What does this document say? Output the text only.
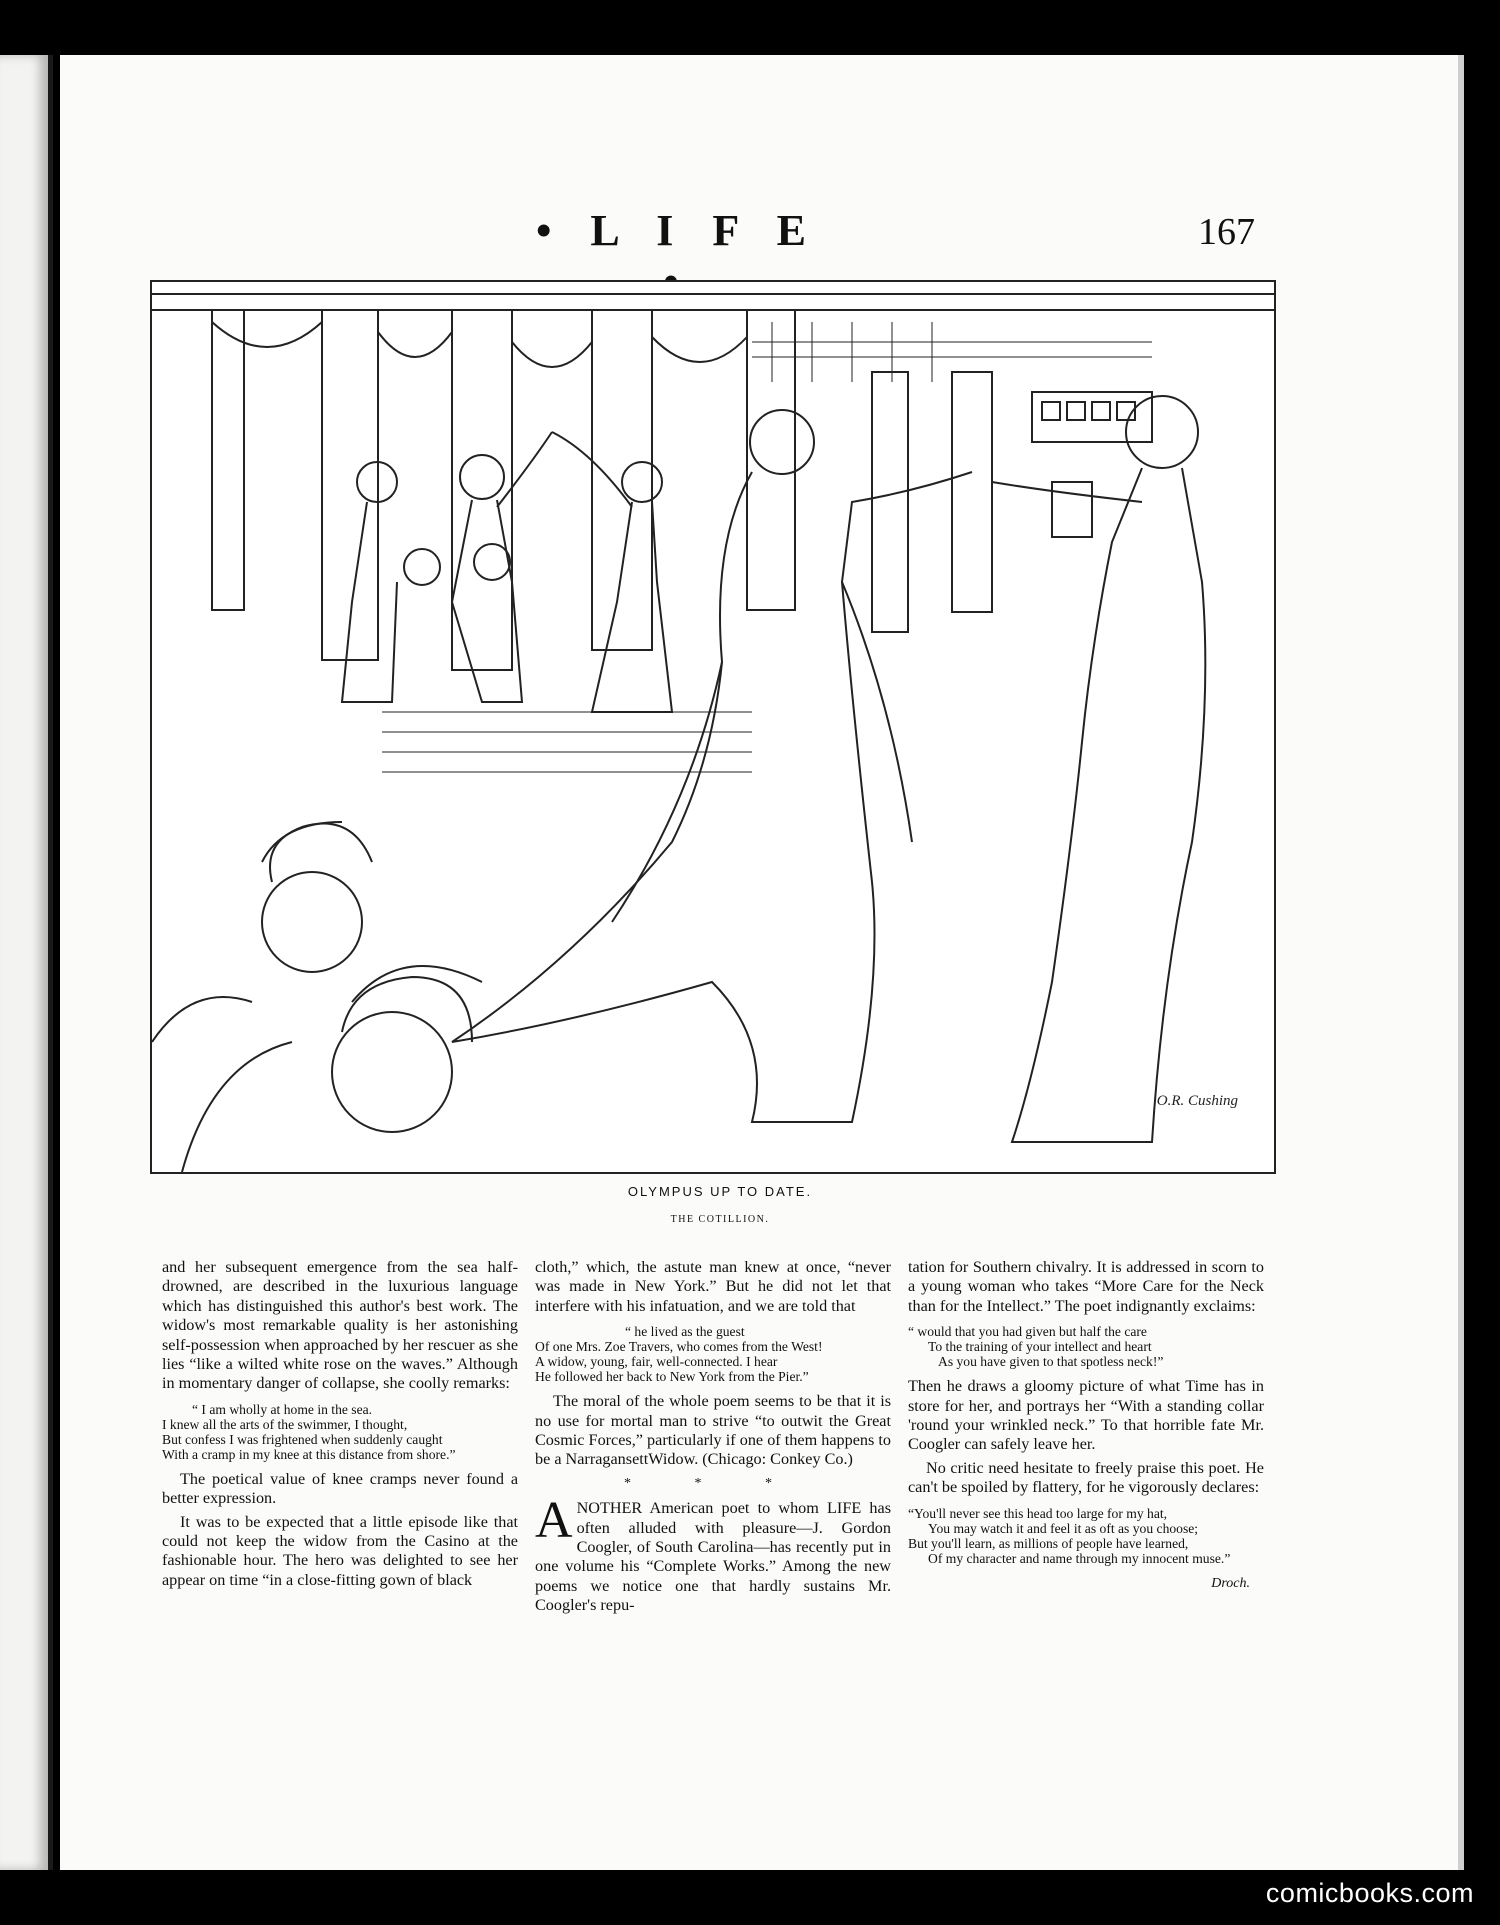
• L I F E	167
O.R. Cushing
OLYMPUS UP TO DATE.
THE COTILLION.

and her subsequent emergence from the sea half-drowned, are described in the luxurious language which has distinguished this author's best work. The widow's most remarkable quality is her astonishing self-possession when approached by her rescuer as she lies “like a wilted white rose on the waves.” Although in momentary danger of collapse, she coolly remarks:

“ I am wholly at home in the sea.
I knew all the arts of the swimmer, I thought,
But confess I was frightened when suddenly caught
With a cramp in my knee at this distance from shore.”

The poetical value of knee cramps never found a better expression.

It was to be expected that a little episode like that could not keep the widow from the Casino at the fashionable hour. The hero was delighted to see her appear on time “in a close-fitting gown of black

cloth,” which, the astute man knew at once, “never was made in New York.” But he did not let that interfere with his infatuation, and we are told that

“ he lived as the guest
Of one Mrs. Zoe Travers, who comes from the West!
A widow, young, fair, well-connected. I hear
He followed her back to New York from the Pier.”

The moral of the whole poem seems to be that it is no use for mortal man to strive “to outwit the Great Cosmic Forces,” particularly if one of them happens to be a NarragansettWidow. (Chicago: Conkey Co.)

* * *

ANOTHER American poet to whom LIFE has often alluded with pleasure—J. Gordon Coogler, of South Carolina—has recently put in one volume his “Complete Works.” Among the new poems we notice one that hardly sustains Mr. Coogler's repu-

tation for Southern chivalry. It is addressed in scorn to a young woman who takes “More Care for the Neck than for the Intellect.” The poet indignantly exclaims:

“ would that you had given but half the care
To the training of your intellect and heart
As you have given to that spotless neck!”

Then he draws a gloomy picture of what Time has in store for her, and portrays her “With a standing collar 'round your wrinkled neck.” To that horrible fate Mr. Coogler can safely leave her.

No critic need hesitate to freely praise this poet. He can't be spoiled by flattery, for he vigorously declares:

“You'll never see this head too large for my hat,
You may watch it and feel it as oft as you choose;
But you'll learn, as millions of people have learned,
Of my character and name through my innocent muse.”
Droch.
comicbooks.com
